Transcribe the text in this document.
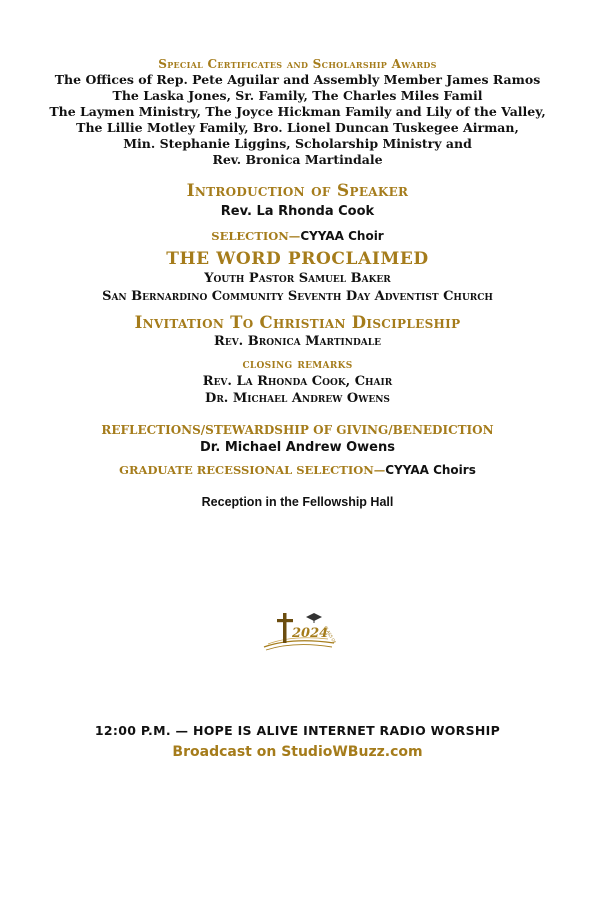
Special Certificates and Scholarship Awards
The Offices of Rep. Pete Aguilar and Assembly Member James Ramos
The Laska Jones, Sr. Family, The Charles Miles Famil
The Laymen Ministry, The Joyce Hickman Family and Lily of the Valley,
The Lillie Motley Family, Bro. Lionel Duncan Tuskegee Airman,
Min. Stephanie Liggins, Scholarship Ministry and
Rev. Bronica Martindale
Introduction of Speaker
Rev. La Rhonda Cook
SELECTION—CYYAA Choir
THE WORD PROCLAIMED
Youth Pastor Samuel Baker
San Bernardino Community Seventh Day Adventist Church
Invitation To Christian Discipleship
Rev. Bronica Martindale
closing remarks
Rev. La Rhonda Cook, Chair
Dr. Michael Andrew Owens
REFLECTIONS/STEWARDSHIP OF GIVING/BENEDICTION
Dr. Michael Andrew Owens
GRADUATE RECESSIONAL SELECTION—CYYAA Choirs
Reception in the Fellowship Hall
2024
CLASS OF
12:00 P.M. — HOPE IS ALIVE INTERNET RADIO WORSHIP
Broadcast on StudioWBuzz.com
